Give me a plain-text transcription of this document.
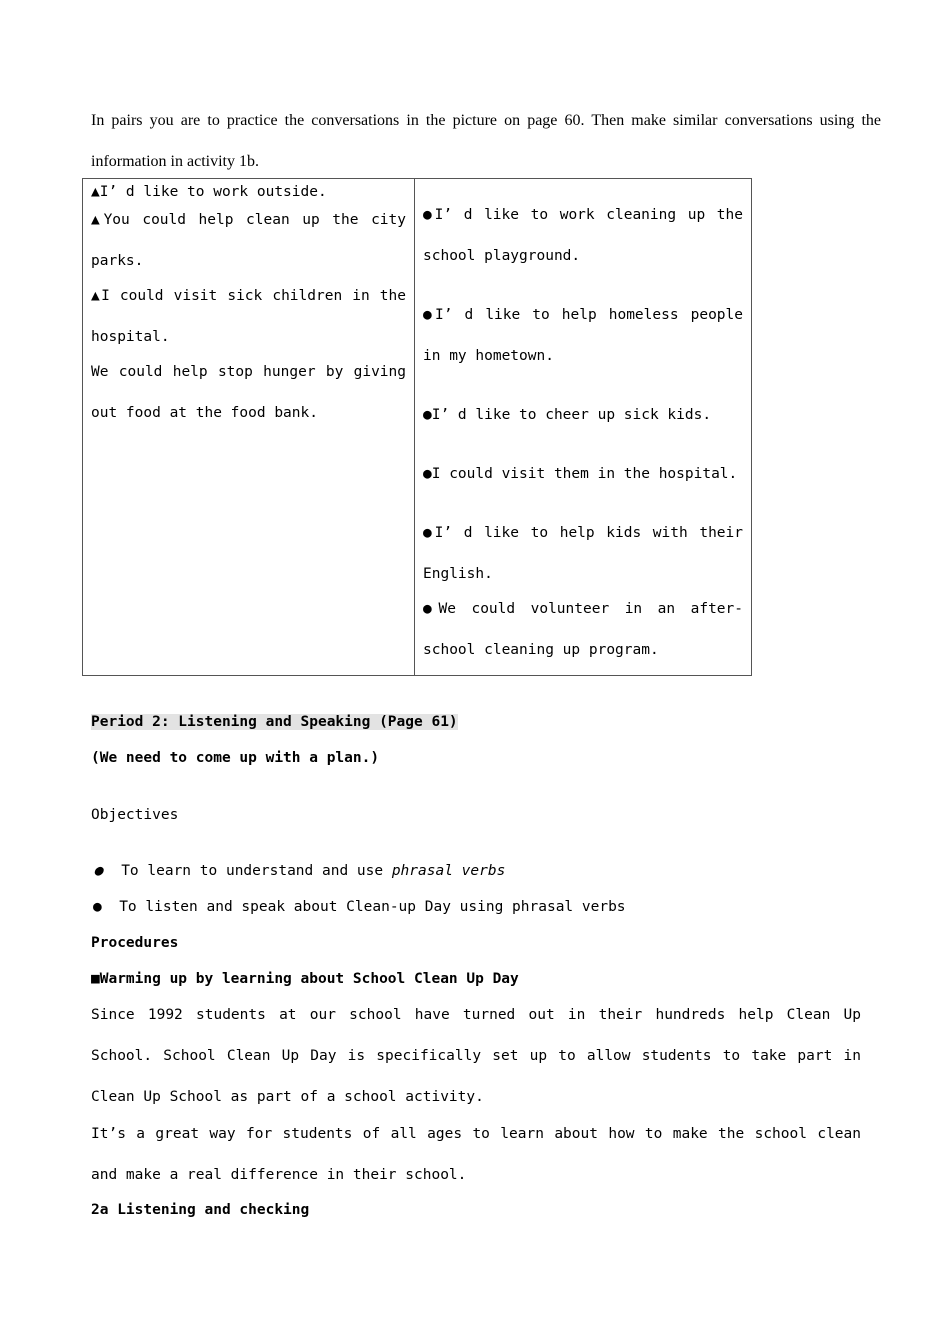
In pairs you are to practice the conversations in the picture on page 60. Then make similar conversations using the
information in activity 1b.
▲I’ d like to work outside.
▲You could help clean up the city parks.
▲I could visit sick children in the hospital.
We could help stop hunger by giving out food at the food bank.

●I’ d like to work cleaning up the school playground.
●I’ d like to help homeless people in my hometown.
●I’ d like to cheer up sick kids.
●I could visit them in the hospital.
●I’ d like to help kids with their English.
●We could volunteer in an after-school cleaning up program.
Period 2: Listening and Speaking (Page 61)
(We need to come up with a plan.)
Objectives
● To learn to understand and use phrasal verbs
● To listen and speak about Clean-up Day using phrasal verbs
Procedures
■Warming up by learning about School Clean Up Day
Since 1992 students at our school have turned out in their hundreds help Clean Up School. School Clean Up Day is specifically set up to allow students to take part in Clean Up School as part of a school activity.
It’s a great way for students of all ages to learn about how to make the school clean and make a real difference in their school.
2a Listening and checking
